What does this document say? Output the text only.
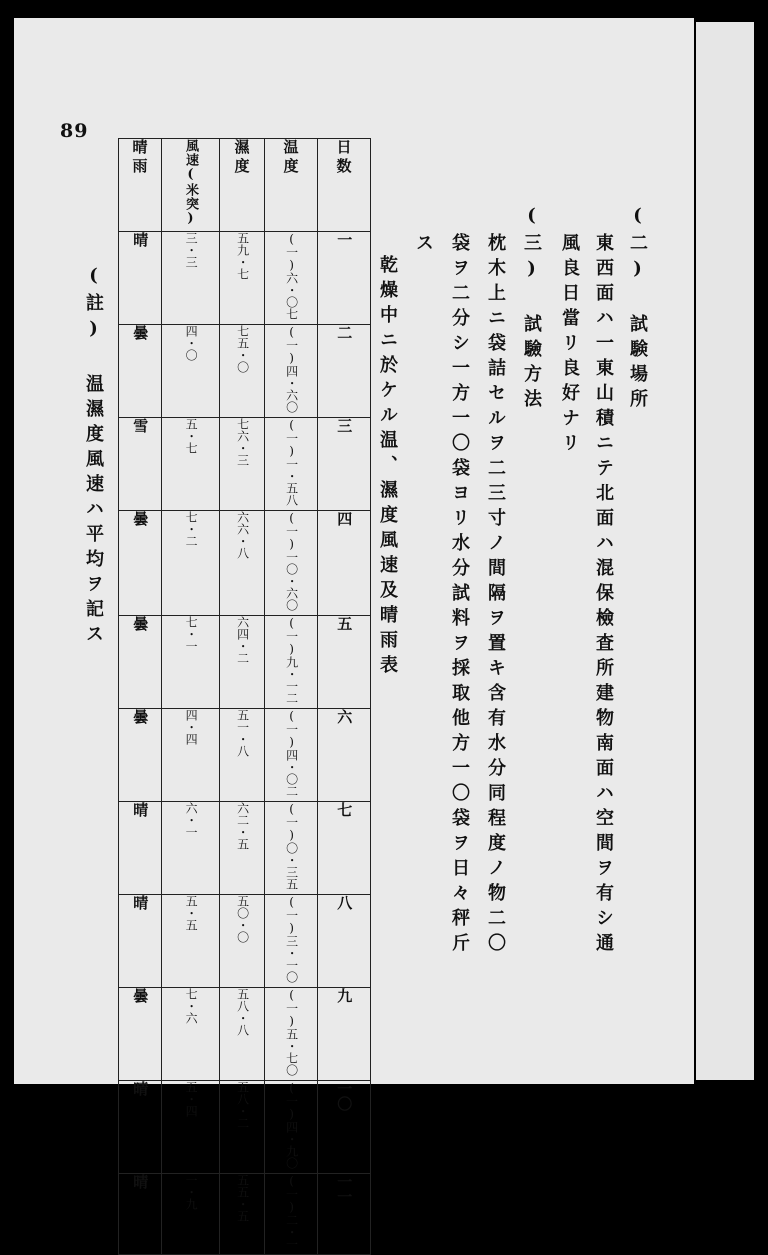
89
(二) 試験場所
東西面ハ一東山積ニテ北面ハ混保檢査所建物南面ハ空間ヲ有シ通
風良日當リ良好ナリ
(三) 試驗方法
枕木上ニ袋詰セルヲ二三寸ノ間隔ヲ置キ含有水分同程度ノ物二〇
袋ヲ二分シ一方一〇袋ヨリ水分試料ヲ採取他方一〇袋ヲ日々秤斤
ス
乾燥中ニ於ケル温、濕度風速及晴雨表
(註) 温濕度風速ハ平均ヲ記ス
晴雨	風速(米突)	濕度	温度	日数
晴	三・三	五九・七	(一)六・〇七	一
曇	四・〇	七五・〇	(一)四・六〇	二
雪	五・七	七六・三	(一)一・五八	三
曇	七・二	六六・八	(一)一〇・六〇	四
曇	七・一	六四・二	(一)九・一二	五
曇	四・四	五一・八	(一)四・〇二	六
晴	六・一	六二・五	(一)〇・三五	七
晴	五・五	五〇・〇	(一)三・一〇	八
曇	七・六	五八・八	(一)五・七〇	九
晴	五・四	五八・二	(一)四・九〇	一〇
晴	一・九	五五・五	(一)二・一	一一
